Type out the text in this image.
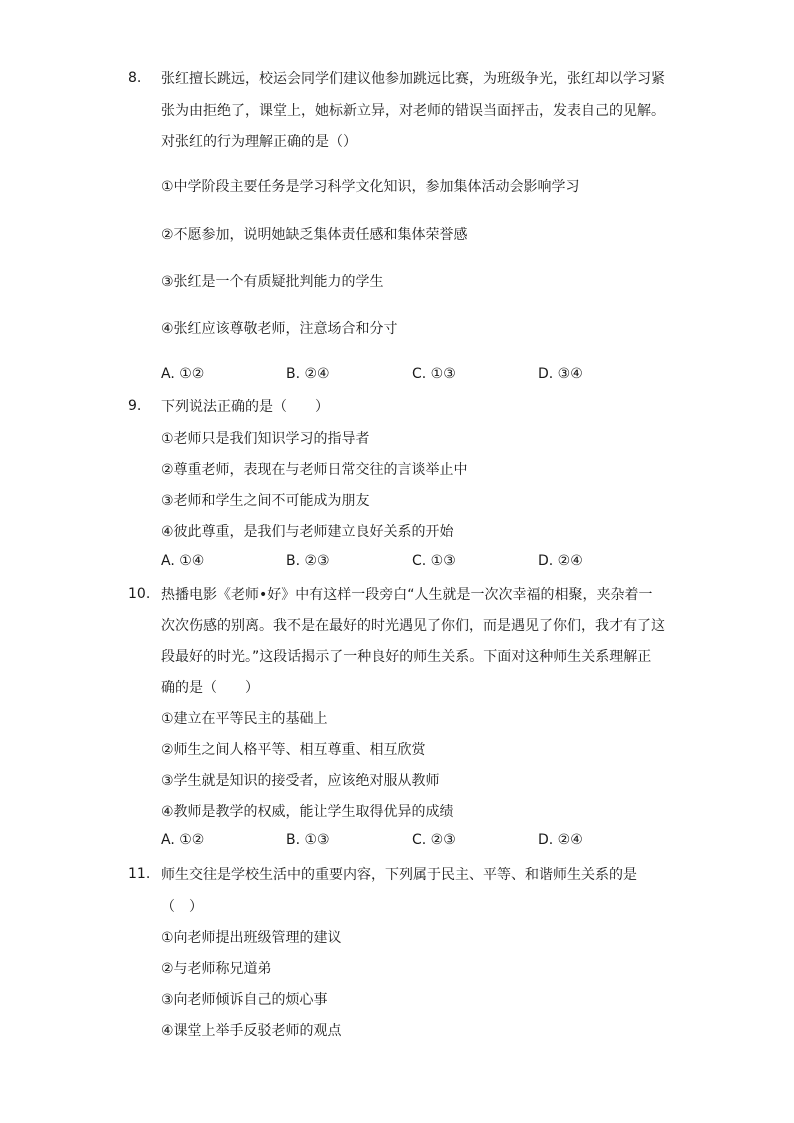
8.	张红擅长跳远，校运会同学们建议他参加跳远比赛，为班级争光，张红却以学习紧
张为由拒绝了，课堂上，她标新立异，对老师的错误当面抨击，发表自己的见解。
对张红的行为理解正确的是（）
①中学阶段主要任务是学习科学文化知识，参加集体活动会影响学习
②不愿参加，说明她缺乏集体责任感和集体荣誉感
③张红是一个有质疑批判能力的学生
④张红应该尊敬老师，注意场合和分寸
A. ①②	B. ②④	C. ①③	D. ③④
9.	下列说法正确的是（　　）
①老师只是我们知识学习的指导者
②尊重老师，表现在与老师日常交往的言谈举止中
③老师和学生之间不可能成为朋友
④彼此尊重，是我们与老师建立良好关系的开始
A. ①④	B. ②③	C. ①③	D. ②④
10. 热播电影《老师•好》中有这样一段旁白“人生就是一次次幸福的相聚，夹杂着一
次次伤感的别离。我不是在最好的时光遇见了你们，而是遇见了你们，我才有了这
段最好的时光。”这段话揭示了一种良好的师生关系。下面对这种师生关系理解正
确的是（　　）
①建立在平等民主的基础上
②师生之间人格平等、相互尊重、相互欣赏
③学生就是知识的接受者，应该绝对服从教师
④教师是教学的权威，能让学生取得优异的成绩
A. ①②	B. ①③	C. ②③	D. ②④
11. 师生交往是学校生活中的重要内容，下列属于民主、平等、和谐师生关系的是
（　）
①向老师提出班级管理的建议
②与老师称兄道弟
③向老师倾诉自己的烦心事
④课堂上举手反驳老师的观点
